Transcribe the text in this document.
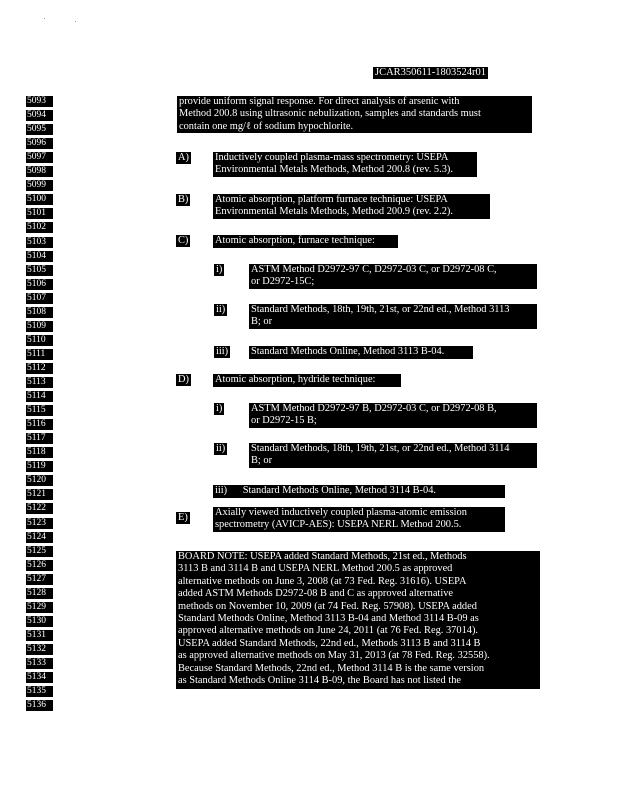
JCAR350611-1803524r01
5093
5094
5095
5096
5097
5098
5099
5100
5101
5102
5103
5104
5105
5106
5107
5108
5109
5110
5111
5112
5113
5114
5115
5116
5117
5118
5119
5120
5121
5122
5123
5124
5125
5126
5127
5128
5129
5130
5131
5132
5133
5134
5135
5136
provide uniform signal response. For direct analysis of arsenic with
Method 200.8 using ultrasonic nebulization, samples and standards must
contain one mg/ℓ of sodium hypochlorite.
A)	Inductively coupled plasma-mass spectrometry: USEPA
Environmental Metals Methods, Method 200.8 (rev. 5.3).
B)	Atomic absorption, platform furnace technique: USEPA
Environmental Metals Methods, Method 200.9 (rev. 2.2).
C)	Atomic absorption, furnace technique:
i)	ASTM Method D2972-97 C, D2972-03 C, or D2972-08 C,
or D2972-15C;
ii) Standard Methods, 18th, 19th, 21st, or 22nd ed., Method 3113
B; or
iii) Standard Methods Online, Method 3113 B-04.
D)	Atomic absorption, hydride technique:
i)	ASTM Method D2972-97 B, D2972-03 C, or D2972-08 B,
or D2972-15 B;
ii) Standard Methods, 18th, 19th, 21st, or 22nd ed., Method 3114
B; or
iii) Standard Methods Online, Method 3114 B-04.
E)	Axially viewed inductively coupled plasma-atomic emission
spectrometry (AVICP-AES): USEPA NERL Method 200.5.
BOARD NOTE: USEPA added Standard Methods, 21st ed., Methods
3113 B and 3114 B and USEPA NERL Method 200.5 as approved
alternative methods on June 3, 2008 (at 73 Fed. Reg. 31616). USEPA
added ASTM Methods D2972-08 B and C as approved alternative
methods on November 10, 2009 (at 74 Fed. Reg. 57908). USEPA added
Standard Methods Online, Method 3113 B-04 and Method 3114 B-09 as
approved alternative methods on June 24, 2011 (at 76 Fed. Reg. 37014).
USEPA added Standard Methods, 22nd ed., Methods 3113 B and 3114 B
as approved alternative methods on May 31, 2013 (at 78 Fed. Reg. 32558).
Because Standard Methods, 22nd ed., Method 3114 B is the same version
as Standard Methods Online 3114 B-09, the Board has not listed the
